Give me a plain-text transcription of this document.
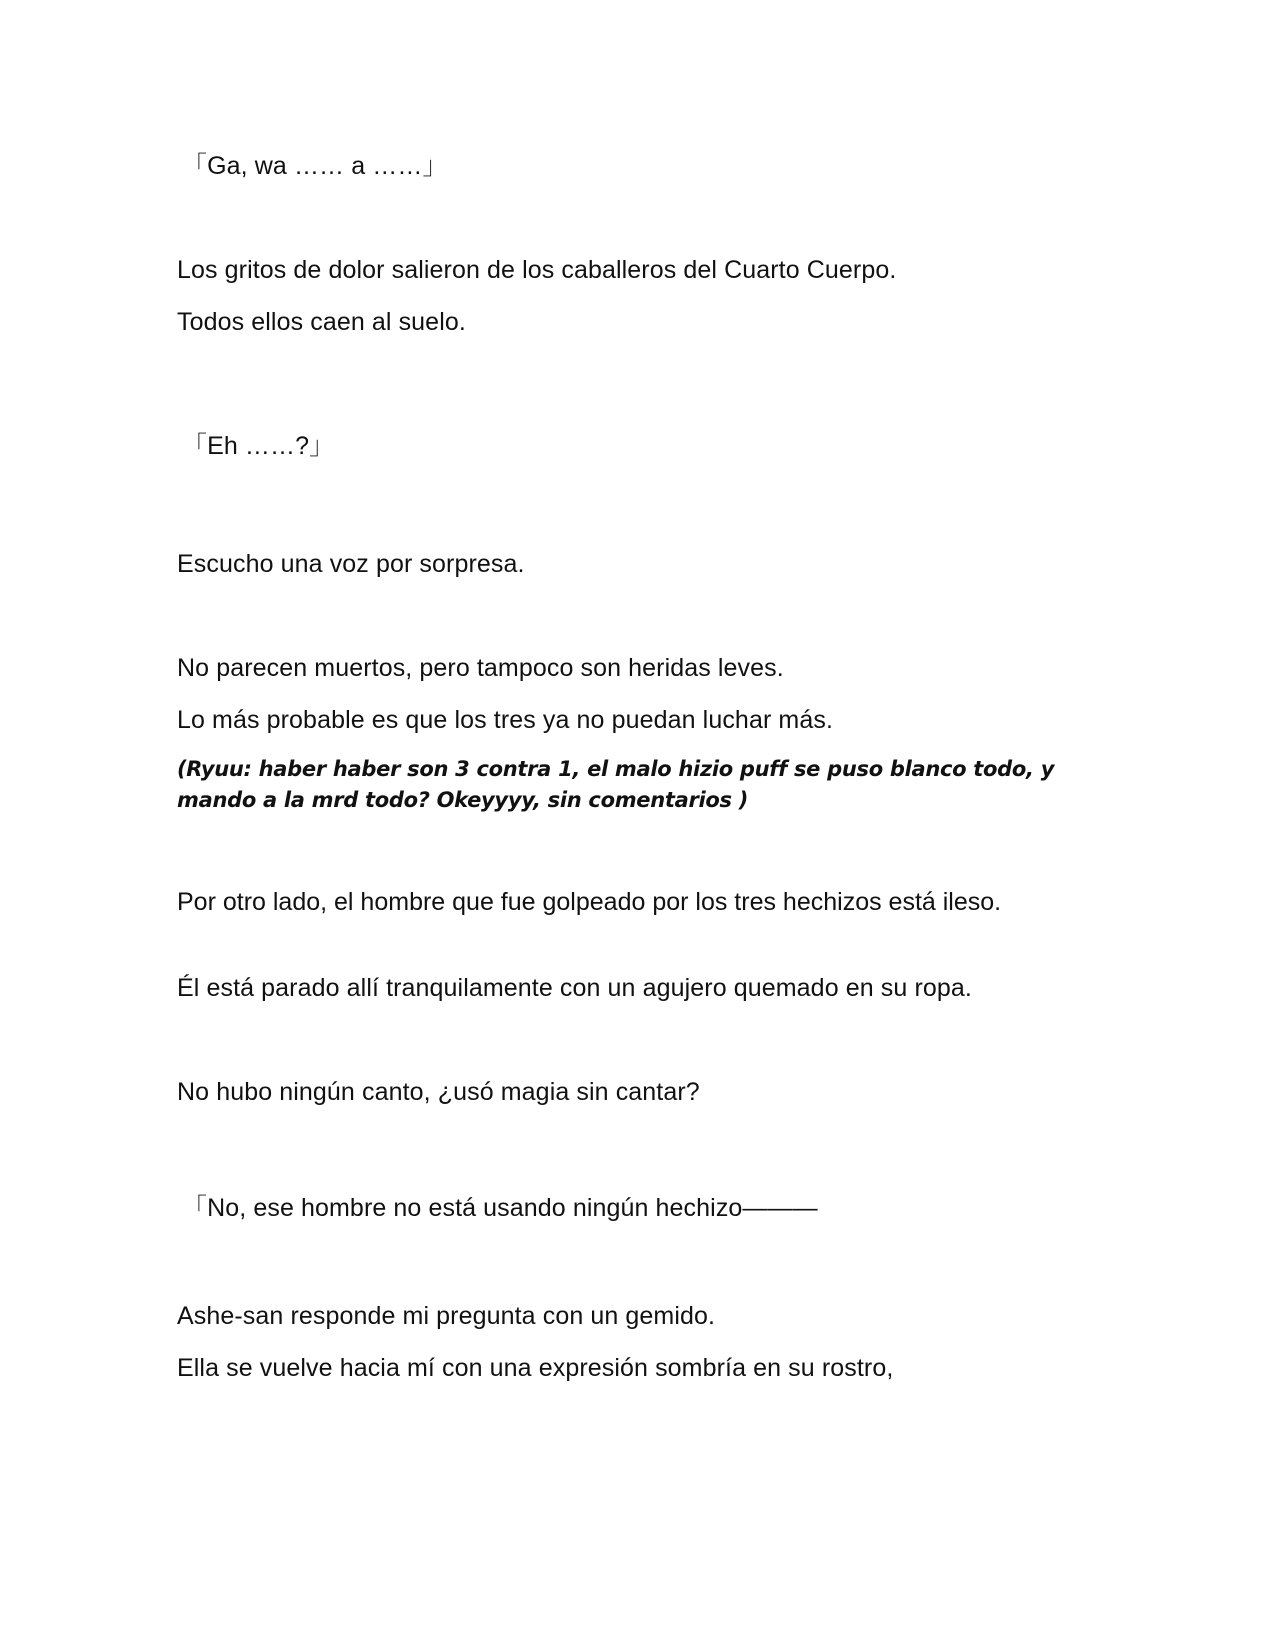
「Ga, wa …… a ……」
Los gritos de dolor salieron de los caballeros del Cuarto Cuerpo.
Todos ellos caen al suelo.
「Eh ……?」
Escucho una voz por sorpresa.
No parecen muertos, pero tampoco son heridas leves.
Lo más probable es que los tres ya no puedan luchar más.
(Ryuu: haber haber son 3 contra 1, el malo hizio puff se puso blanco todo, y mando a la mrd todo? Okeyyyy, sin comentarios )
Por otro lado, el hombre que fue golpeado por los tres hechizos está ileso.
Él está parado allí tranquilamente con un agujero quemado en su ropa.
No hubo ningún canto, ¿usó magia sin cantar?
「No, ese hombre no está usando ningún hechizo―――
Ashe-san responde mi pregunta con un gemido.
Ella se vuelve hacia mí con una expresión sombría en su rostro,
